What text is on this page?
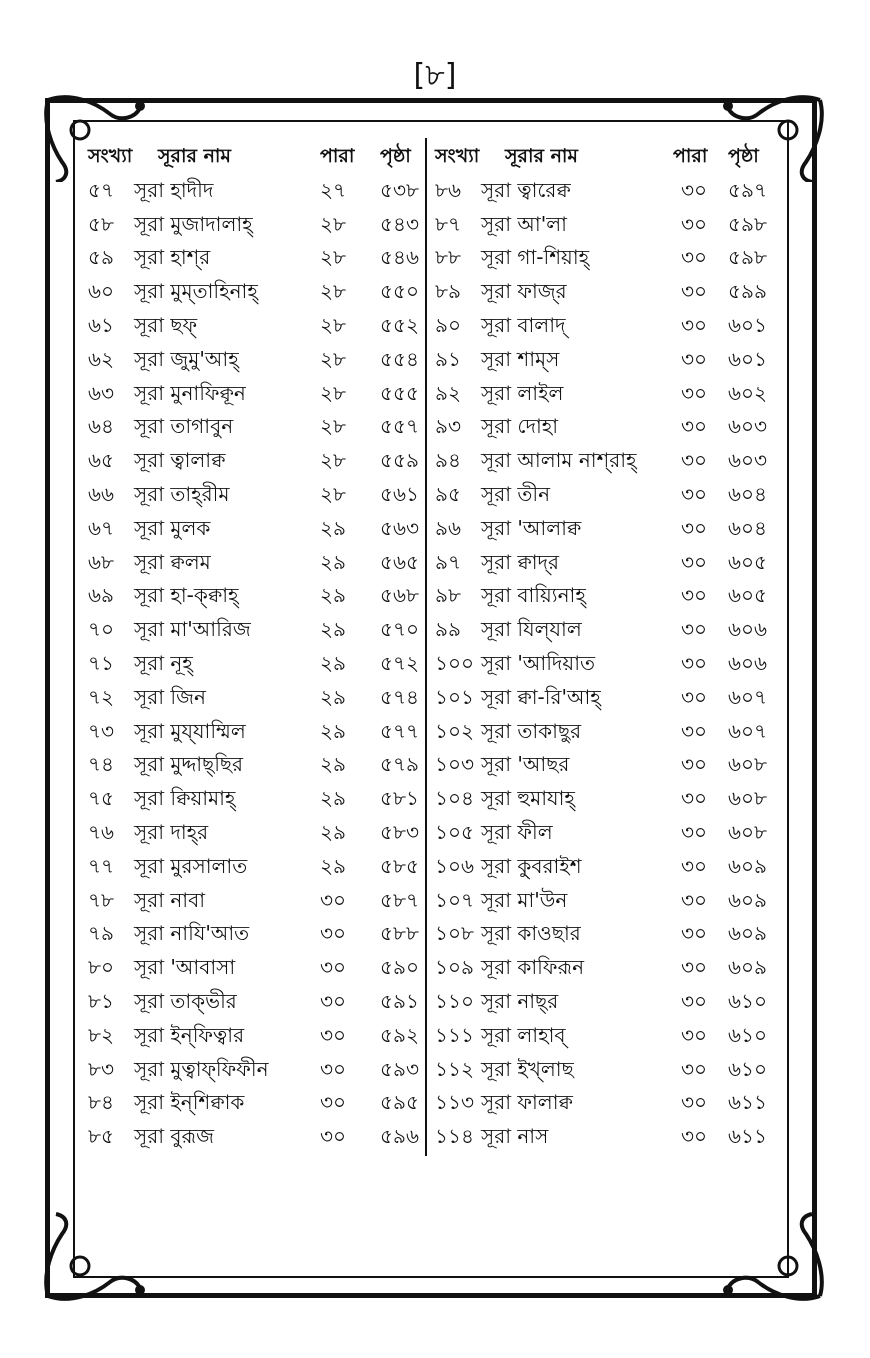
[৮]
সংখ্যা সূরার নাম	পারা পৃষ্ঠা
৫৭ সূরা হাদীদ	২৭ ৫৩৮
৫৮ সূরা মুজাদালাহ্	২৮ ৫৪৩
৫৯ সূরা হাশ্‌র	২৮ ৫৪৬
৬০ সূরা মুম্‌তাহিনাহ্	২৮ ৫৫০
৬১ সূরা ছফ্	২৮ ৫৫২
৬২ সূরা জুমু'আহ্	২৮ ৫৫৪
৬৩ সূরা মুনাফিক্বূন	২৮ ৫৫৫
৬৪ সূরা তাগাবুন	২৮ ৫৫৭
৬৫ সূরা ত্বালাক্ব	২৮ ৫৫৯
৬৬ সূরা তাহ্‌রীম	২৮ ৫৬১
৬৭ সূরা মুলক	২৯ ৫৬৩
৬৮ সূরা ক্বলম	২৯ ৫৬৫
৬৯ সূরা হা-ক্ক্বাহ্	২৯ ৫৬৮
৭০ সূরা মা'আরিজ	২৯ ৫৭০
৭১ সূরা নূহ্	২৯ ৫৭২
৭২ সূরা জিন	২৯ ৫৭৪
৭৩ সূরা মুয্‌যাম্মিল	২৯ ৫৭৭
৭৪ সূরা মুদ্দাছ্‌ছির	২৯ ৫৭৯
৭৫ সূরা ক্বিয়ামাহ্	২৯ ৫৮১
৭৬ সূরা দাহ্‌র	২৯ ৫৮৩
৭৭ সূরা মুরসালাত	২৯ ৫৮৫
৭৮ সূরা নাবা	৩০ ৫৮৭
৭৯ সূরা নাযি'আত	৩০ ৫৮৮
৮০ সূরা 'আবাসা	৩০ ৫৯০
৮১ সূরা তাক্‌ভীর	৩০ ৫৯১
৮২ সূরা ইন্‌ফিত্বার	৩০ ৫৯২
৮৩ সূরা মুত্বাফ্‌ফিফীন	৩০ ৫৯৩
৮৪ সূরা ইন্‌শিক্বাক	৩০ ৫৯৫
৮৫ সূরা বুরূজ	৩০ ৫৯৬
সংখ্যা সূরার নাম	পারা পৃষ্ঠা
৮৬ সূরা ত্বারেক্ব	৩০ ৫৯৭
৮৭ সূরা আ'লা	৩০ ৫৯৮
৮৮ সূরা গা-শিয়াহ্	৩০ ৫৯৮
৮৯ সূরা ফাজ্‌র	৩০ ৫৯৯
৯০ সূরা বালাদ্	৩০ ৬০১
৯১ সূরা শাম্‌স	৩০ ৬০১
৯২ সূরা লাইল	৩০ ৬০২
৯৩ সূরা দোহা	৩০ ৬০৩
৯৪ সূরা আলাম নাশ্‌রাহ্ ৩০ ৬০৩
৯৫ সূরা তীন	৩০ ৬০৪
৯৬ সূরা 'আলাক্ব	৩০ ৬০৪
৯৭ সূরা ক্বাদ্‌র	৩০ ৬০৫
৯৮ সূরা বায়্যিনাহ্	৩০ ৬০৫
৯৯ সূরা যিল্‌যাল	৩০ ৬০৬
১০০ সূরা 'আদিয়াত	৩০ ৬০৬
১০১ সূরা ক্বা-রি'আহ্	৩০ ৬০৭
১০২ সূরা তাকাছুর	৩০ ৬০৭
১০৩ সূরা 'আছর	৩০ ৬০৮
১০৪ সূরা হুমাযাহ্	৩০ ৬০৮
১০৫ সূরা ফীল	৩০ ৬০৮
১০৬ সূরা কু্বরাইশ	৩০ ৬০৯
১০৭ সূরা মা'উন	৩০ ৬০৯
১০৮ সূরা কাওছার	৩০ ৬০৯
১০৯ সূরা কাফিরূন	৩০ ৬০৯
১১০ সূরা নাছ্‌র	৩০ ৬১০
১১১ সূরা লাহাব্	৩০ ৬১০
১১২ সূরা ইখ্‌লাছ	৩০ ৬১০
১১৩ সূরা ফালাক্ব	৩০ ৬১১
১১৪ সূরা নাস	৩০ ৬১১
